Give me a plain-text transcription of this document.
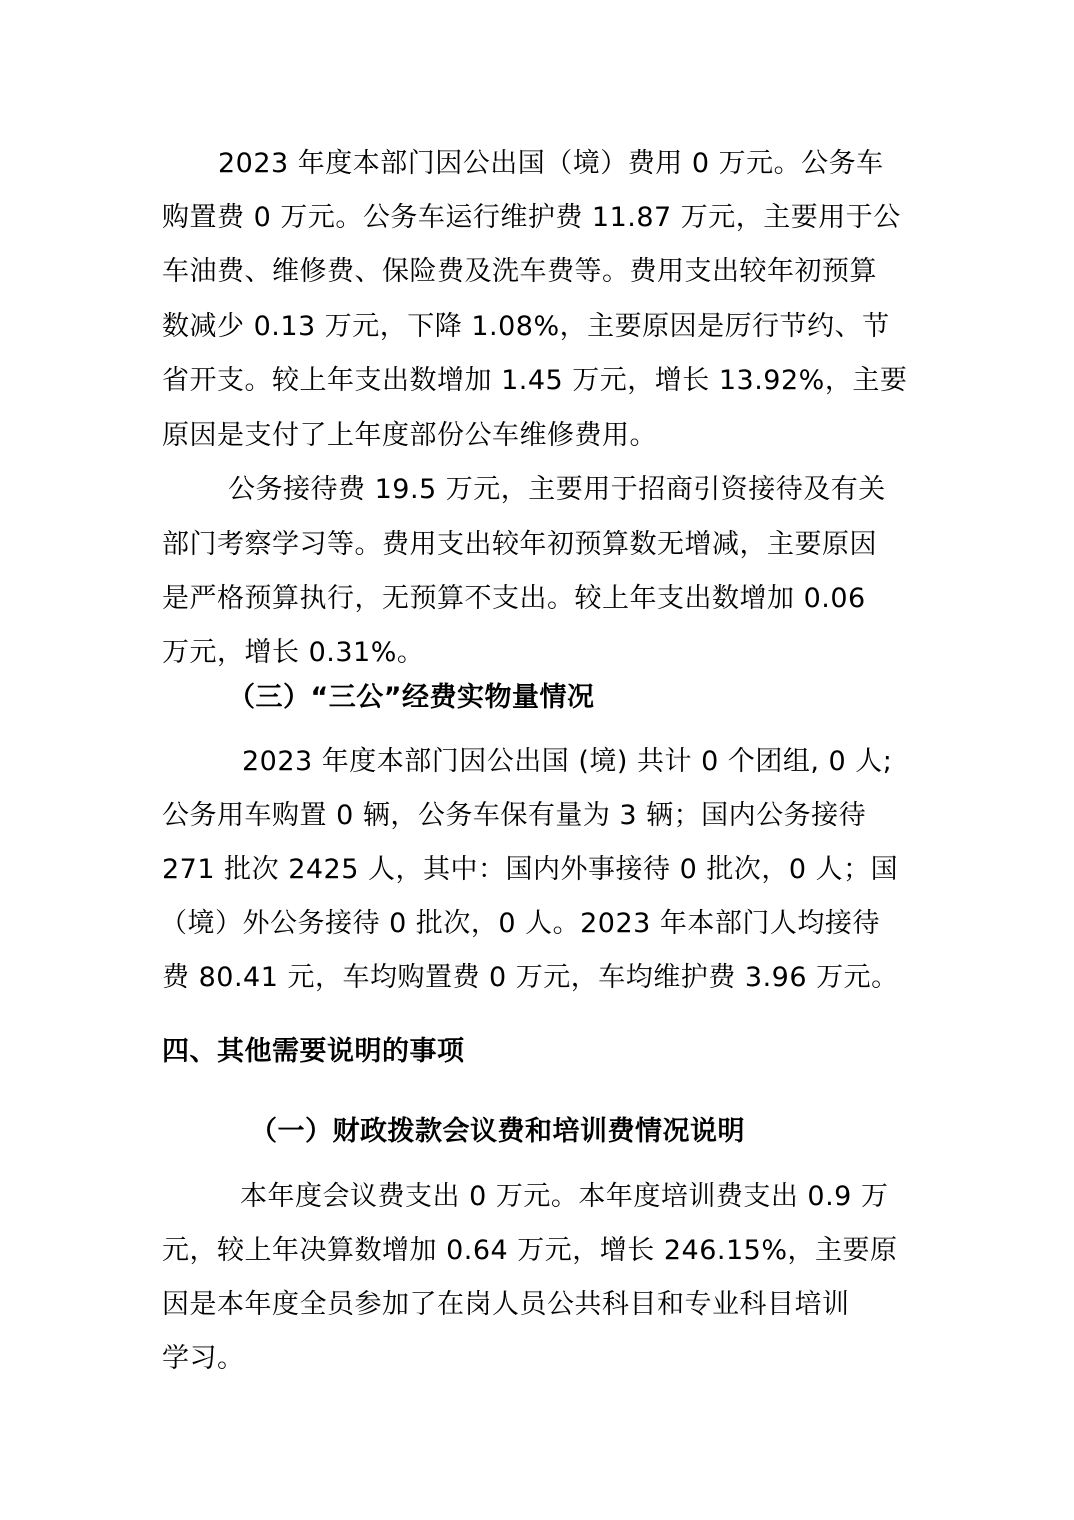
2023 年度本部门因公出国（境）费用 0 万元。公务车
购置费 0 万元。公务车运行维护费 11.87 万元，主要用于公
车油费、维修费、保险费及洗车费等。费用支出较年初预算
数减少 0.13 万元，下降 1.08%，主要原因是厉行节约、节
省开支。较上年支出数增加 1.45 万元，增长 13.92%，主要
原因是支付了上年度部份公车维修费用。
公务接待费 19.5 万元，主要用于招商引资接待及有关
部门考察学习等。费用支出较年初预算数无增减，主要原因
是严格预算执行，无预算不支出。较上年支出数增加 0.06
万元，增长 0.31%。
（三）“三公”经费实物量情况
2023 年度本部门因公出国 (境) 共计 0 个团组, 0 人;
公务用车购置 0 辆，公务车保有量为 3 辆；国内公务接待
271 批次 2425 人，其中：国内外事接待 0 批次，0 人；国
（境）外公务接待 0 批次，0 人。2023 年本部门人均接待
费 80.41 元，车均购置费 0 万元，车均维护费 3.96 万元。
四、其他需要说明的事项
（一）财政拨款会议费和培训费情况说明
本年度会议费支出 0 万元。本年度培训费支出 0.9 万
元，较上年决算数增加 0.64 万元，增长 246.15%，主要原
因是本年度全员参加了在岗人员公共科目和专业科目培训
学习。
